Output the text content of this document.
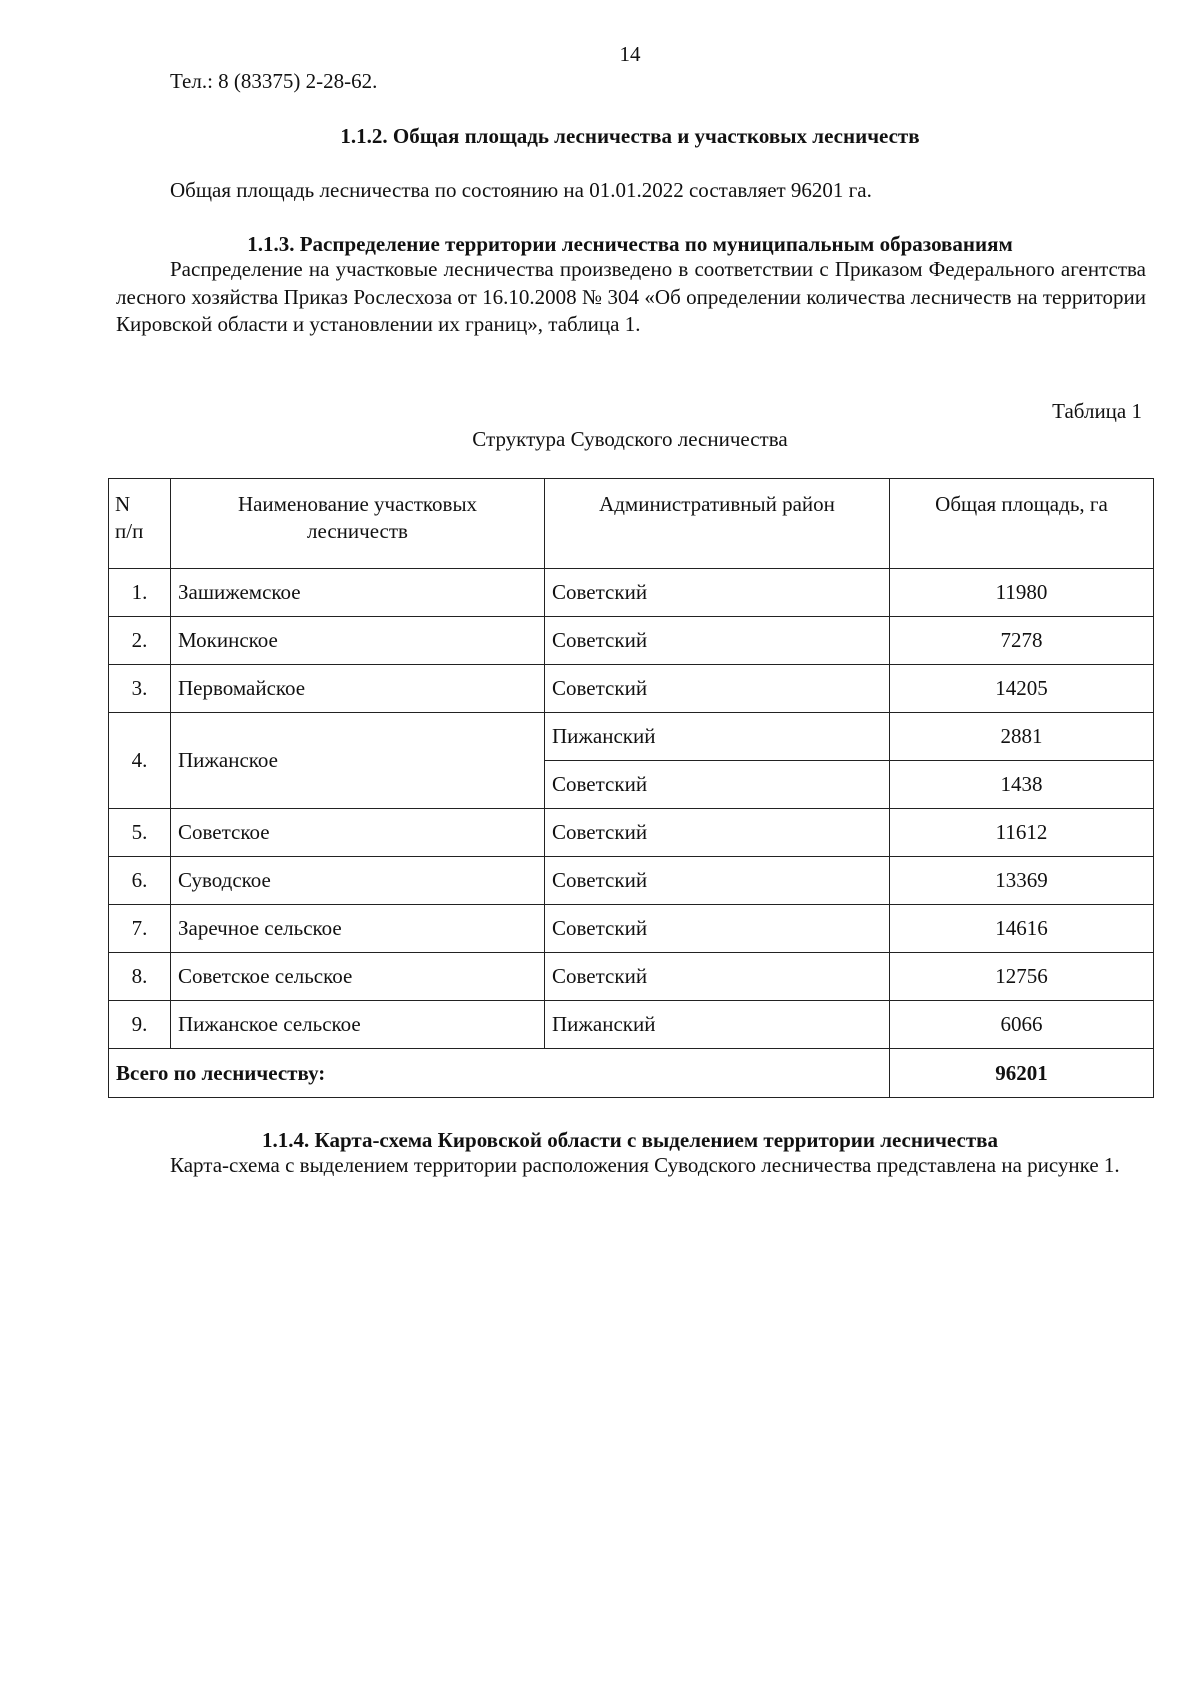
14
Тел.: 8 (83375) 2-28-62.
1.1.2. Общая площадь лесничества и участковых лесничеств
Общая площадь лесничества по состоянию на 01.01.2022 составляет 96201 га.
1.1.3. Распределение территории лесничества по муниципальным образованиям
Распределение на участковые лесничества произведено в соответствии с Приказом Федерального агентства лесного хозяйства Приказ Рослесхоза от 16.10.2008 № 304 «Об определении количества лесничеств на территории Кировской области и установлении их границ», таблица 1.
Таблица 1
Структура Суводского лесничества
N
п/п	Наименование участковых лесничеств	Административный район	Общая площадь, га
1.	Зашижемское	Советский	11980
2.	Мокинское	Советский	7278
3.	Первомайское	Советский	14205
4.	Пижанское	Пижанский	2881
		Советский	1438
5.	Советское	Советский	11612
6.	Суводское	Советский	13369
7.	Заречное сельское	Советский	14616
8.	Советское сельское	Советский	12756
9.	Пижанское сельское	Пижанский	6066
Всего по лесничеству:			96201
1.1.4. Карта-схема Кировской области с выделением территории лесничества
Карта-схема с выделением территории расположения Суводского лесничества представлена на рисунке 1.
